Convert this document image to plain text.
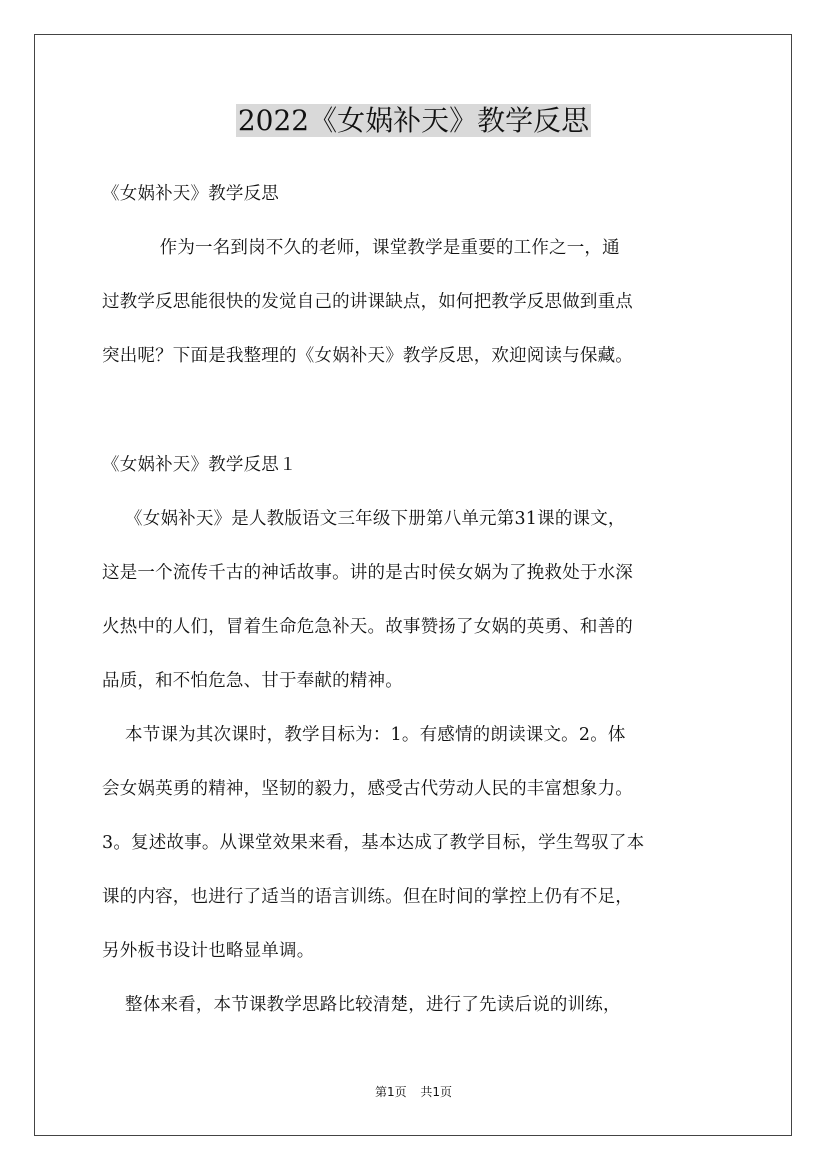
2022《女娲补天》教学反思

《女娲补天》教学反思

作为一名到岗不久的老师，课堂教学是重要的工作之一，通
过教学反思能很快的发觉自己的讲课缺点，如何把教学反思做到重点
突出呢？下面是我整理的《女娲补天》教学反思，欢迎阅读与保藏。

《女娲补天》教学反思１

《女娲补天》是人教版语文三年级下册第八单元第31课的课文，
这是一个流传千古的神话故事。讲的是古时侯女娲为了挽救处于水深
火热中的人们，冒着生命危急补天。故事赞扬了女娲的英勇、和善的
品质，和不怕危急、甘于奉献的精神。

本节课为其次课时，教学目标为：1。有感情的朗读课文。2。体
会女娲英勇的精神，坚韧的毅力，感受古代劳动人民的丰富想象力。
3。复述故事。从课堂效果来看，基本达成了教学目标，学生驾驭了本
课的内容，也进行了适当的语言训练。但在时间的掌控上仍有不足，
另外板书设计也略显单调。

整体来看，本节课教学思路比较清楚，进行了先读后说的训练，

第1页 共1页
